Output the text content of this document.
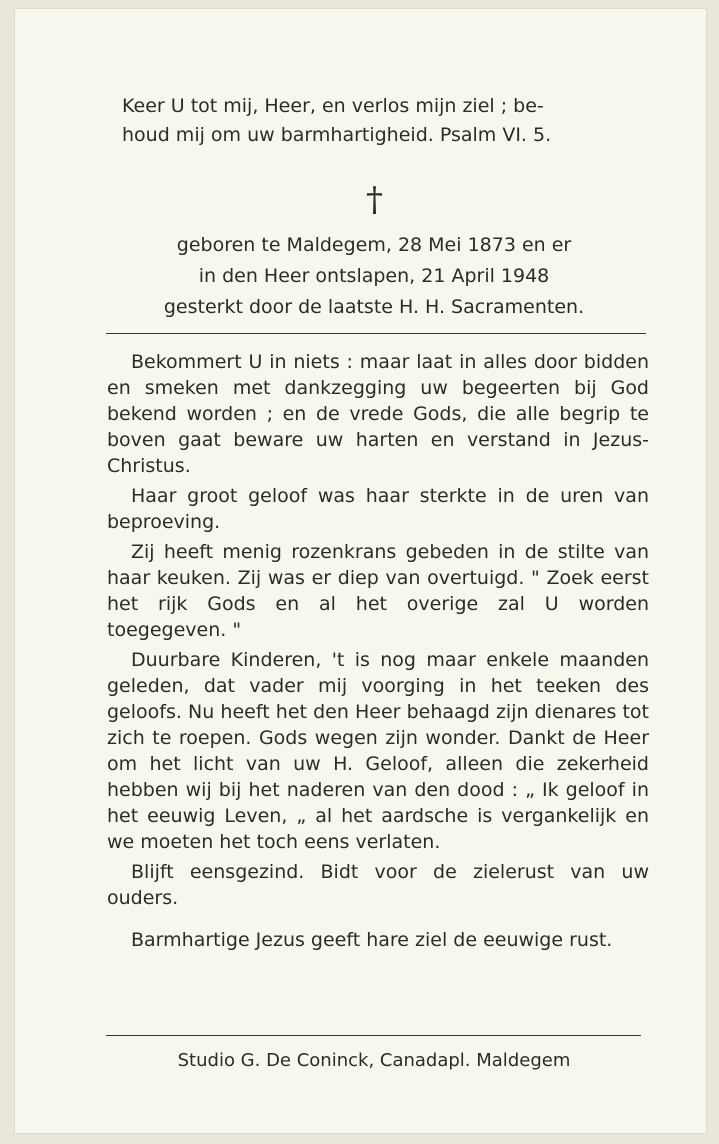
Keer U tot mij, Heer, en verlos mijn ziel ; be-

houd mij om uw barmhartigheid. Psalm VI. 5.
†
geboren te Maldegem, 28 Mei 1873 en er
in den Heer ontslapen, 21 April 1948
gesterkt door de laatste H. H. Sacramenten.

Bekommert U in niets : maar laat in alles door bidden en smeken met dankzegging uw begeerten bij God bekend worden ; en de vrede Gods, die alle begrip te boven gaat beware uw harten en verstand in Jezus-Christus.

Haar groot geloof was haar sterkte in de uren van beproeving.

Zij heeft menig rozenkrans gebeden in de stilte van haar keuken. Zij was er diep van overtuigd. " Zoek eerst het rijk Gods en al het overige zal U worden toegegeven. "

Duurbare Kinderen, 't is nog maar enkele maanden geleden, dat vader mij voorging in het teeken des geloofs. Nu heeft het den Heer behaagd zijn dienares tot zich te roepen. Gods wegen zijn wonder. Dankt de Heer om het licht van uw H. Geloof, alleen die zekerheid hebben wij bij het naderen van den dood : „ Ik geloof in het eeuwig Leven, „ al het aardsche is vergankelijk en we moeten het toch eens verlaten.

Blijft eensgezind. Bidt voor de zielerust van uw ouders.

Barmhartige Jezus geeft hare ziel de eeuwige rust.

Studio G. De Coninck, Canadapl. Maldegem
